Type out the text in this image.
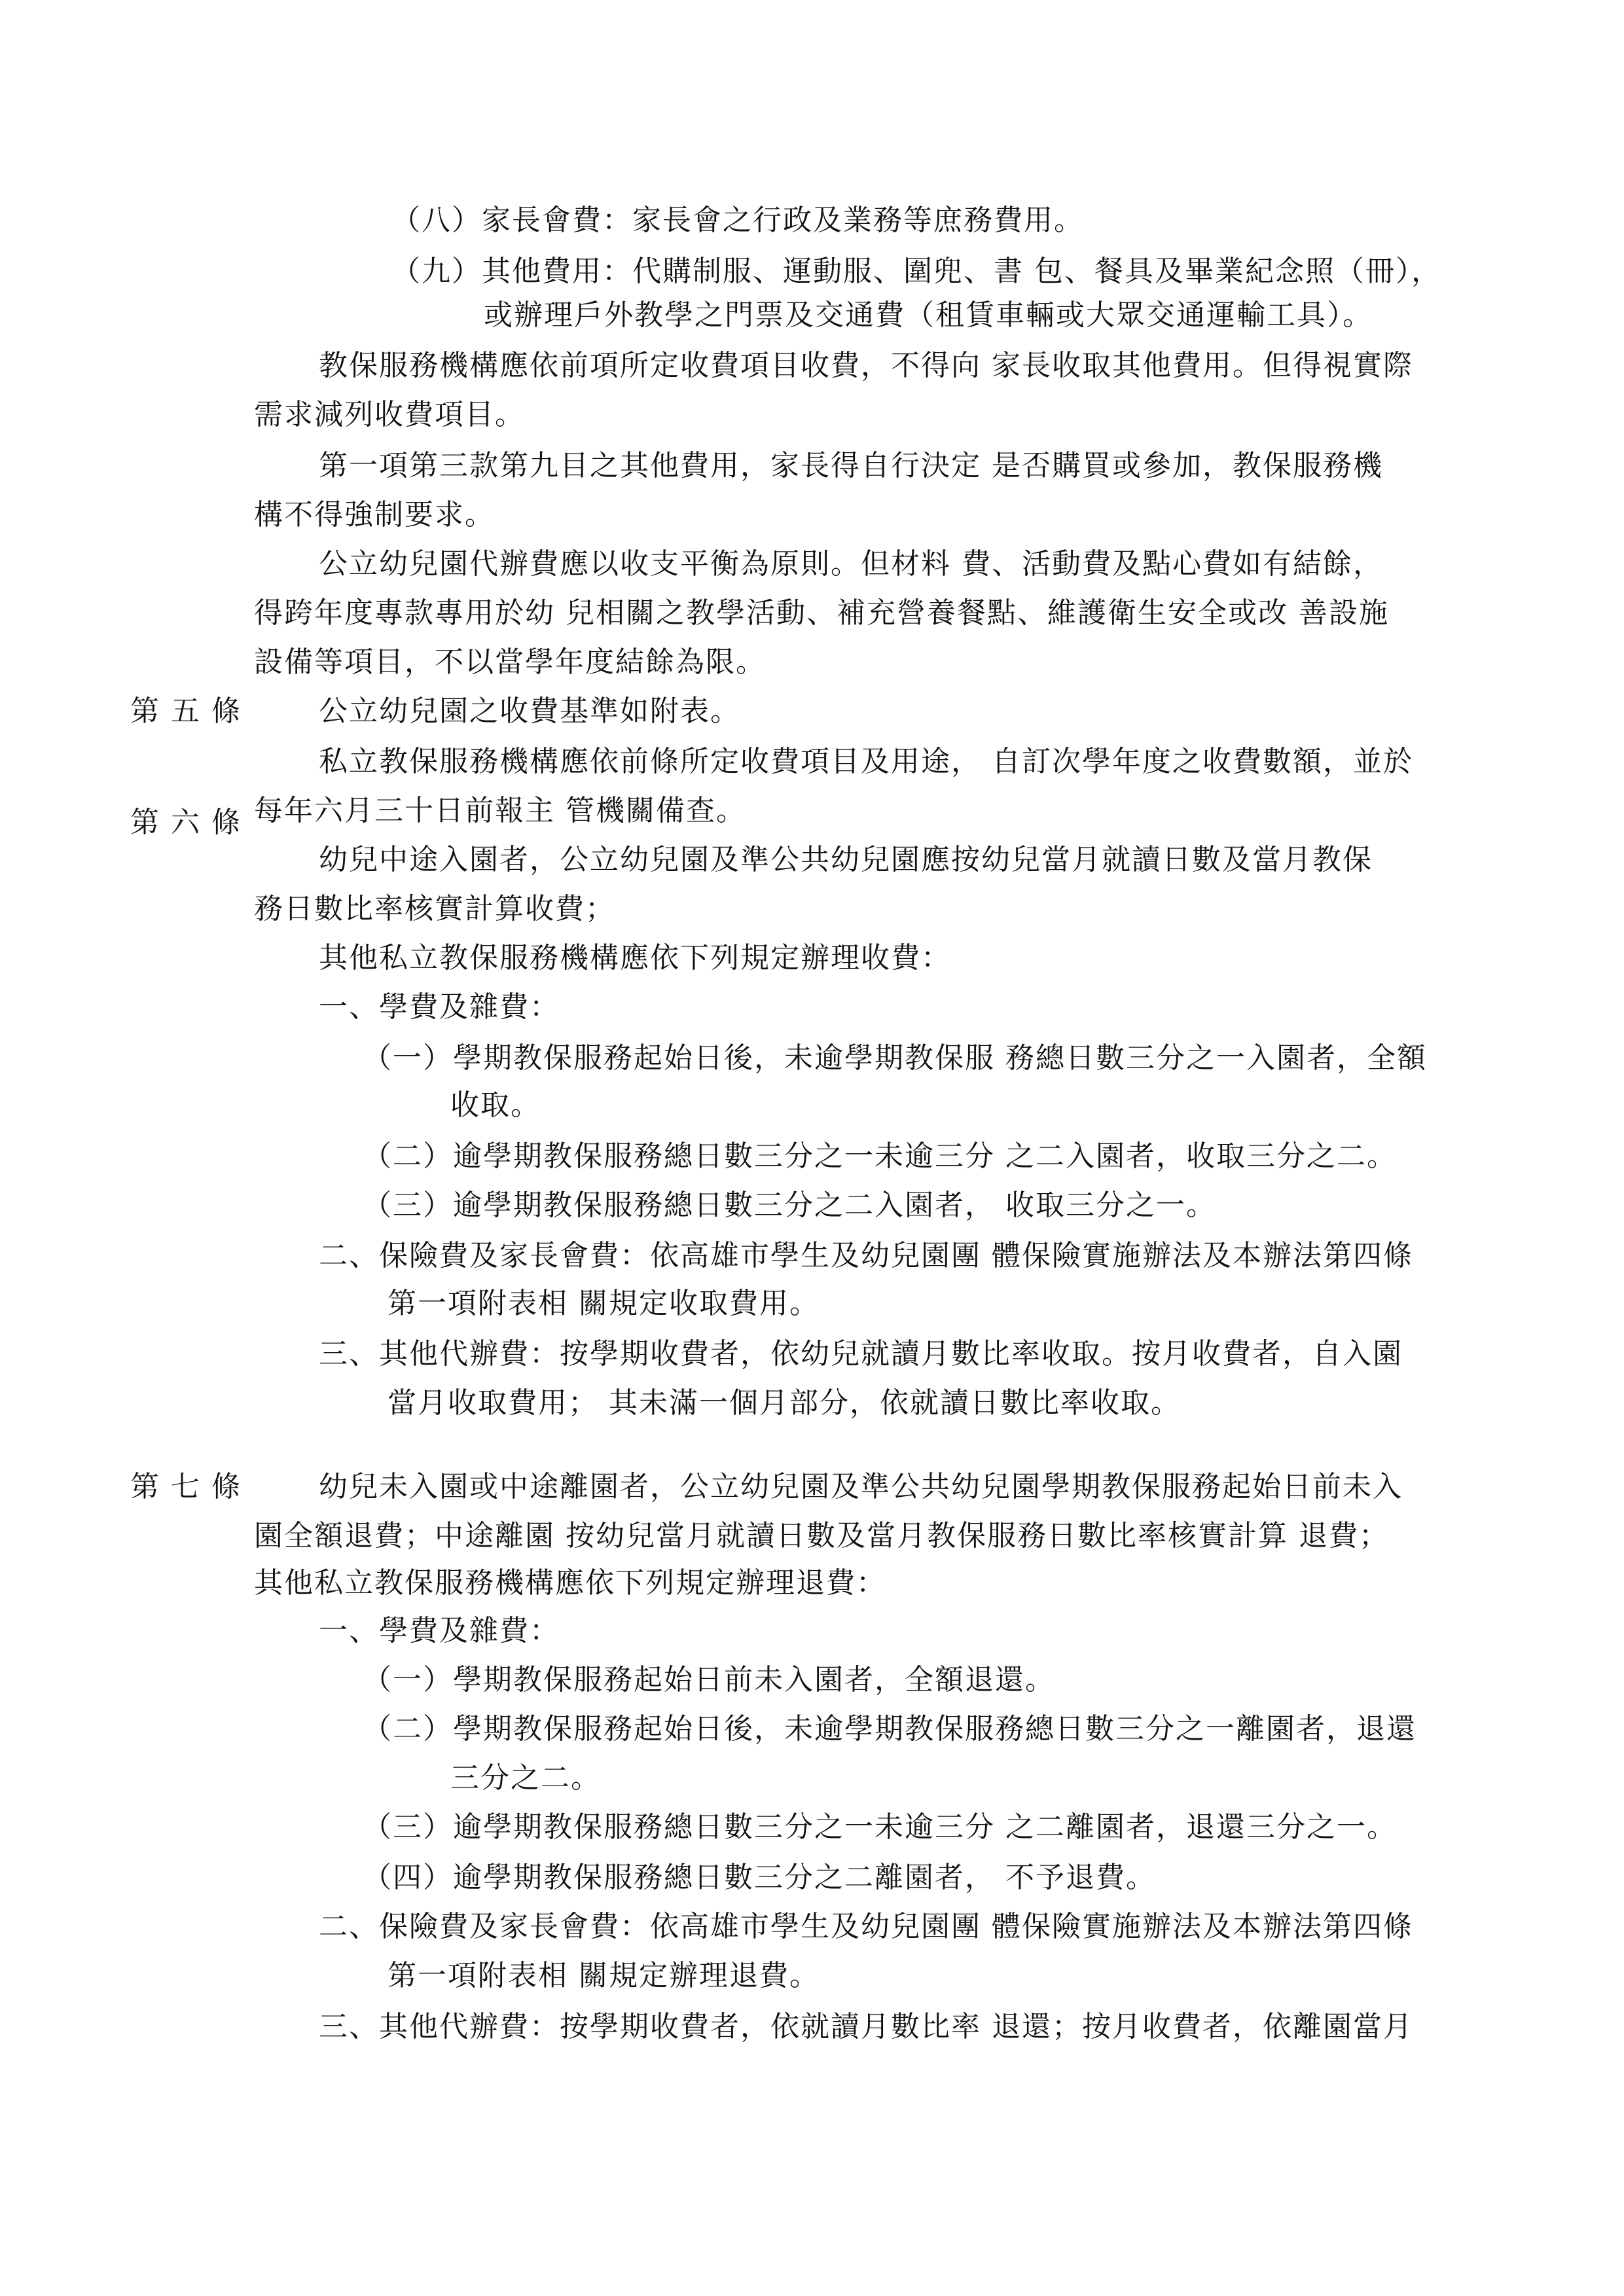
第五條
第六條
第七條
（八）家長會費：家長會之行政及業務等庶務費用。
（九）其他費用：代購制服、運動服、圍兜、書 包、餐具及畢業紀念照（冊），
或辦理戶外教學之門票及交通費（租賃車輛或大眾交通運輸工具）。
教保服務機構應依前項所定收費項目收費，不得向 家長收取其他費用。但得視實際
需求減列收費項目。
第一項第三款第九目之其他費用，家長得自行決定 是否購買或參加，教保服務機
構不得強制要求。
公立幼兒園代辦費應以收支平衡為原則。但材料 費、活動費及點心費如有結餘，
得跨年度專款專用於幼 兒相關之教學活動、補充營養餐點、維護衛生安全或改 善設施
設備等項目，不以當學年度結餘為限。
公立幼兒園之收費基準如附表。
私立教保服務機構應依前條所定收費項目及用途， 自訂次學年度之收費數額，並於
每年六月三十日前報主 管機關備查。
幼兒中途入園者，公立幼兒園及準公共幼兒園應按幼兒當月就讀日數及當月教保
務日數比率核實計算收費；
其他私立教保服務機構應依下列規定辦理收費：
一、學費及雜費：
（一）學期教保服務起始日後，未逾學期教保服 務總日數三分之一入園者，全額
收取。
（二）逾學期教保服務總日數三分之一未逾三分 之二入園者，收取三分之二。
（三）逾學期教保服務總日數三分之二入園者， 收取三分之一。
二、保險費及家長會費：依高雄市學生及幼兒園團 體保險實施辦法及本辦法第四條
第一項附表相 關規定收取費用。
三、其他代辦費：按學期收費者，依幼兒就讀月數比率收取。按月收費者，自入園
當月收取費用； 其未滿一個月部分，依就讀日數比率收取。
幼兒未入園或中途離園者，公立幼兒園及準公共幼兒園學期教保服務起始日前未入
園全額退費；中途離園 按幼兒當月就讀日數及當月教保服務日數比率核實計算 退費；
其他私立教保服務機構應依下列規定辦理退費：
一、學費及雜費：
（一）學期教保服務起始日前未入園者，全額退還。
（二）學期教保服務起始日後，未逾學期教保服務總日數三分之一離園者，退還
三分之二。
（三）逾學期教保服務總日數三分之一未逾三分 之二離園者，退還三分之一。
（四）逾學期教保服務總日數三分之二離園者， 不予退費。
二、保險費及家長會費：依高雄市學生及幼兒園團 體保險實施辦法及本辦法第四條
第一項附表相 關規定辦理退費。
三、其他代辦費：按學期收費者，依就讀月數比率 退還；按月收費者，依離園當月
